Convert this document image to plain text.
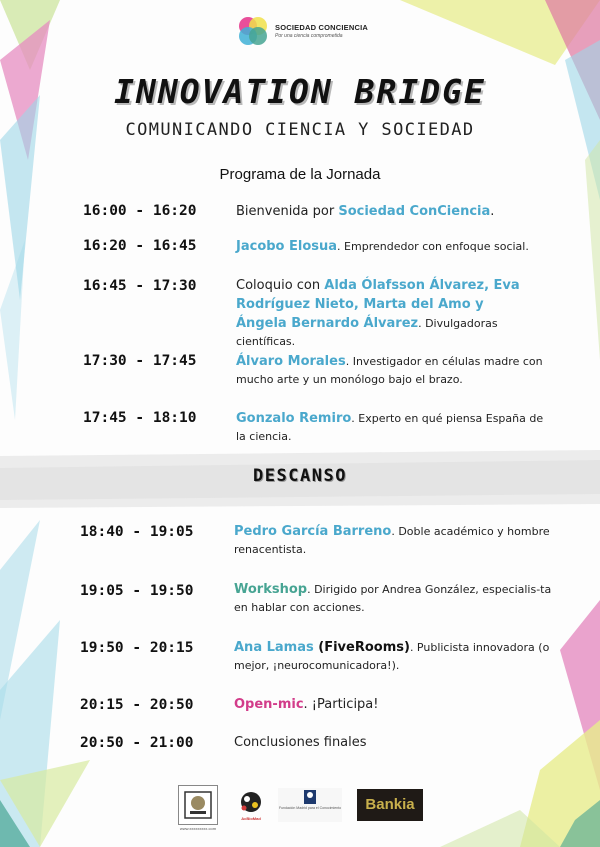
SOCIEDAD CONCIENCIA
Por una ciencia comprometida
INNOVATION BRIDGE
COMUNICANDO CIENCIA Y SOCIEDAD
Programa de la Jornada
16:00 - 16:20	Bienvenida por Sociedad ConCiencia.
16:20 - 16:45	Jacobo Elosua. Emprendedor con enfoque social.
16:45 - 17:30	Coloquio con Alda Ólafsson Álvarez, Eva Rodríguez Nieto, Marta del Amo y Ángela Bernardo Álvarez. Divulgadoras científicas.
17:30 - 17:45	Álvaro Morales. Investigador en células madre con mucho arte y un monólogo bajo el brazo.
17:45 - 18:10	Gonzalo Remiro. Experto en qué piensa España de la ciencia.
DESCANSO
18:40 - 19:05	Pedro García Barreno. Doble académico y hombre renacentista.
19:05 - 19:50	Workshop. Dirigido por Andrea González, especialis-ta en hablar con acciones.
19:50 - 20:15	Ana Lamas (FiveRooms). Publicista innovadora (o mejor, ¡neurocomunicadora!).
20:15 - 20:50	Open-mic. ¡Participa!
20:50 - 21:00	Conclusiones finales
www.xxxxxxxxx.com
AcBioMad
Fundación Madrid para el Conocimiento	Bankia
